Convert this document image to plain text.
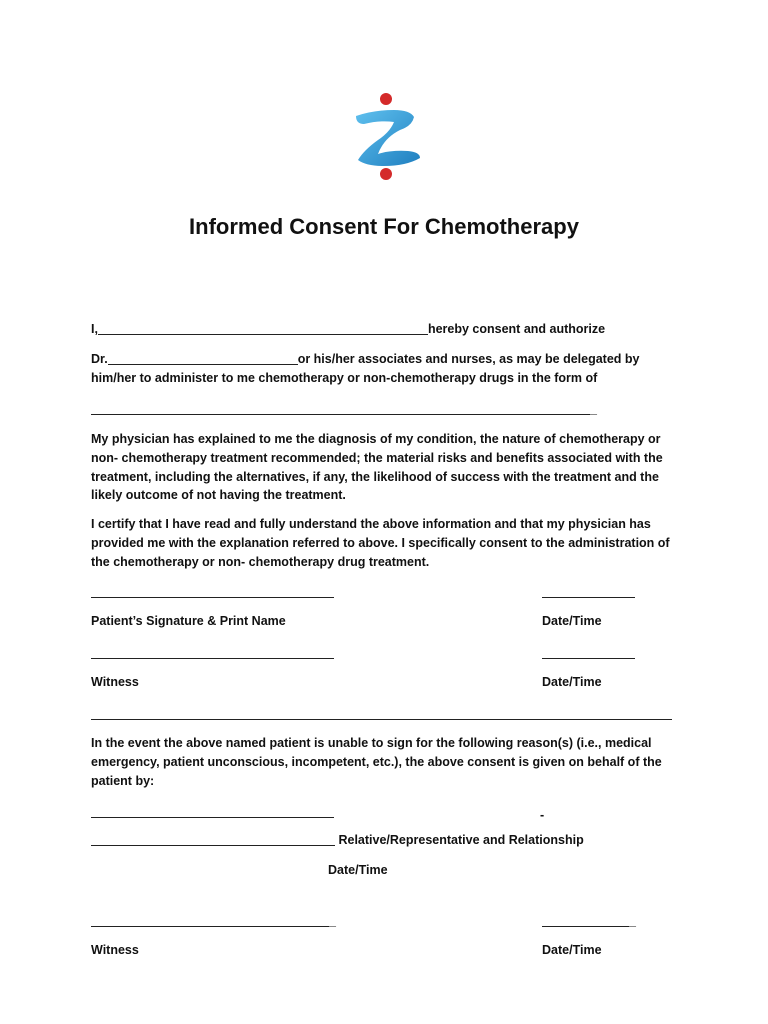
Informed Consent For Chemotherapy
I,	hereby consent and authorize
Dr.	or his/her associates and nurses, as may be delegated by
him/her to administer to me chemotherapy or non-chemotherapy drugs in the form of
_

My physician has explained to me the diagnosis of my condition, the nature of chemotherapy or non- chemotherapy treatment recommended; the material risks and benefits associated with the treatment, including the alternatives, if any, the likelihood of success with the treatment and the likely outcome of not having the treatment.

I certify that I have read and fully understand the above information and that my physician has provided me with the explanation referred to above. I specifically consent to the administration of the chemotherapy or non- chemotherapy drug treatment.

Patient’s Signature & Print Name	Date/Time
Witness	Date/Time

In the event the above named patient is unable to sign for the following reason(s) (i.e., medical emergency, patient unconscious, incompetent, etc.), the above consent is given on behalf of the patient by:

-
Relative/Representative and Relationship
Date/Time
_	_
Witness	Date/Time
